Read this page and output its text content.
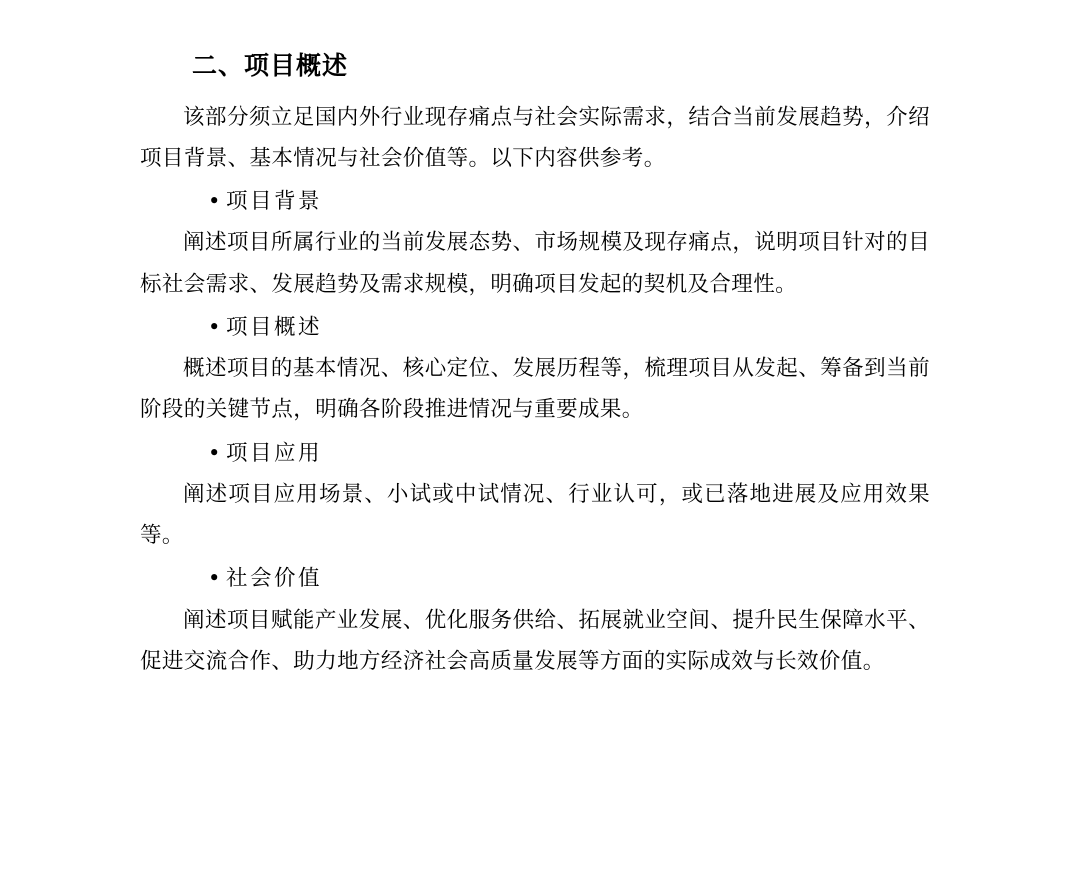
二、项目概述

该部分须立足国内外行业现存痛点与社会实际需求，结合当前发展趋势，介绍项目背景、基本情况与社会价值等。以下内容供参考。

• 项目背景

阐述项目所属行业的当前发展态势、市场规模及现存痛点，说明项目针对的目标社会需求、发展趋势及需求规模，明确项目发起的契机及合理性。

• 项目概述

概述项目的基本情况、核心定位、发展历程等，梳理项目从发起、筹备到当前阶段的关键节点，明确各阶段推进情况与重要成果。

• 项目应用

阐述项目应用场景、小试或中试情况、行业认可，或已落地进展及应用效果等。

• 社会价值

阐述项目赋能产业发展、优化服务供给、拓展就业空间、提升民生保障水平、促进交流合作、助力地方经济社会高质量发展等方面的实际成效与长效价值。
